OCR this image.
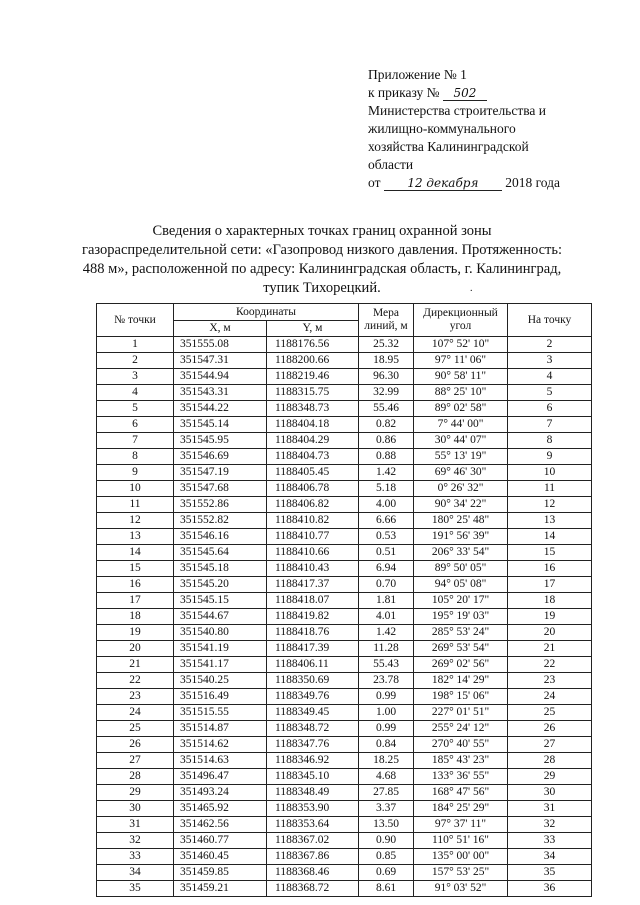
Приложение № 1
к приказу № 502
Министерства строительства и
жилищно-коммунального
хозяйства Калининградской
области
от 12 декабря 2018 года
Сведения о характерных точках границ охранной зоны
газораспределительной сети: «Газопровод низкого давления. Протяженность:
488 м», расположенной по адресу: Калининградская область, г. Калининград,
тупик Тихорецкий.	.
№ точки	Координаты		Мера линий, м	Дирекционный угол	На точку
	X, м	Y, м			
1	351555.08	1188176.56	25.32	107° 52' 10"	2
2	351547.31	1188200.66	18.95	97° 11' 06"	3
3	351544.94	1188219.46	96.30	90° 58' 11"	4
4	351543.31	1188315.75	32.99	88° 25' 10"	5
5	351544.22	1188348.73	55.46	89° 02' 58"	6
6	351545.14	1188404.18	0.82	7° 44' 00"	7
7	351545.95	1188404.29	0.86	30° 44' 07"	8
8	351546.69	1188404.73	0.88	55° 13' 19"	9
9	351547.19	1188405.45	1.42	69° 46' 30"	10
10	351547.68	1188406.78	5.18	0° 26' 32"	11
11	351552.86	1188406.82	4.00	90° 34' 22"	12
12	351552.82	1188410.82	6.66	180° 25' 48"	13
13	351546.16	1188410.77	0.53	191° 56' 39"	14
14	351545.64	1188410.66	0.51	206° 33' 54"	15
15	351545.18	1188410.43	6.94	89° 50' 05"	16
16	351545.20	1188417.37	0.70	94° 05' 08"	17
17	351545.15	1188418.07	1.81	105° 20' 17"	18
18	351544.67	1188419.82	4.01	195° 19' 03"	19
19	351540.80	1188418.76	1.42	285° 53' 24"	20
20	351541.19	1188417.39	11.28	269° 53' 54"	21
21	351541.17	1188406.11	55.43	269° 02' 56"	22
22	351540.25	1188350.69	23.78	182° 14' 29"	23
23	351516.49	1188349.76	0.99	198° 15' 06"	24
24	351515.55	1188349.45	1.00	227° 01' 51"	25
25	351514.87	1188348.72	0.99	255° 24' 12"	26
26	351514.62	1188347.76	0.84	270° 40' 55"	27
27	351514.63	1188346.92	18.25	185° 43' 23"	28
28	351496.47	1188345.10	4.68	133° 36' 55"	29
29	351493.24	1188348.49	27.85	168° 47' 56"	30
30	351465.92	1188353.90	3.37	184° 25' 29"	31
31	351462.56	1188353.64	13.50	97° 37' 11"	32
32	351460.77	1188367.02	0.90	110° 51' 16"	33
33	351460.45	1188367.86	0.85	135° 00' 00"	34
34	351459.85	1188368.46	0.69	157° 53' 25"	35
35	351459.21	1188368.72	8.61	91° 03' 52"	36
